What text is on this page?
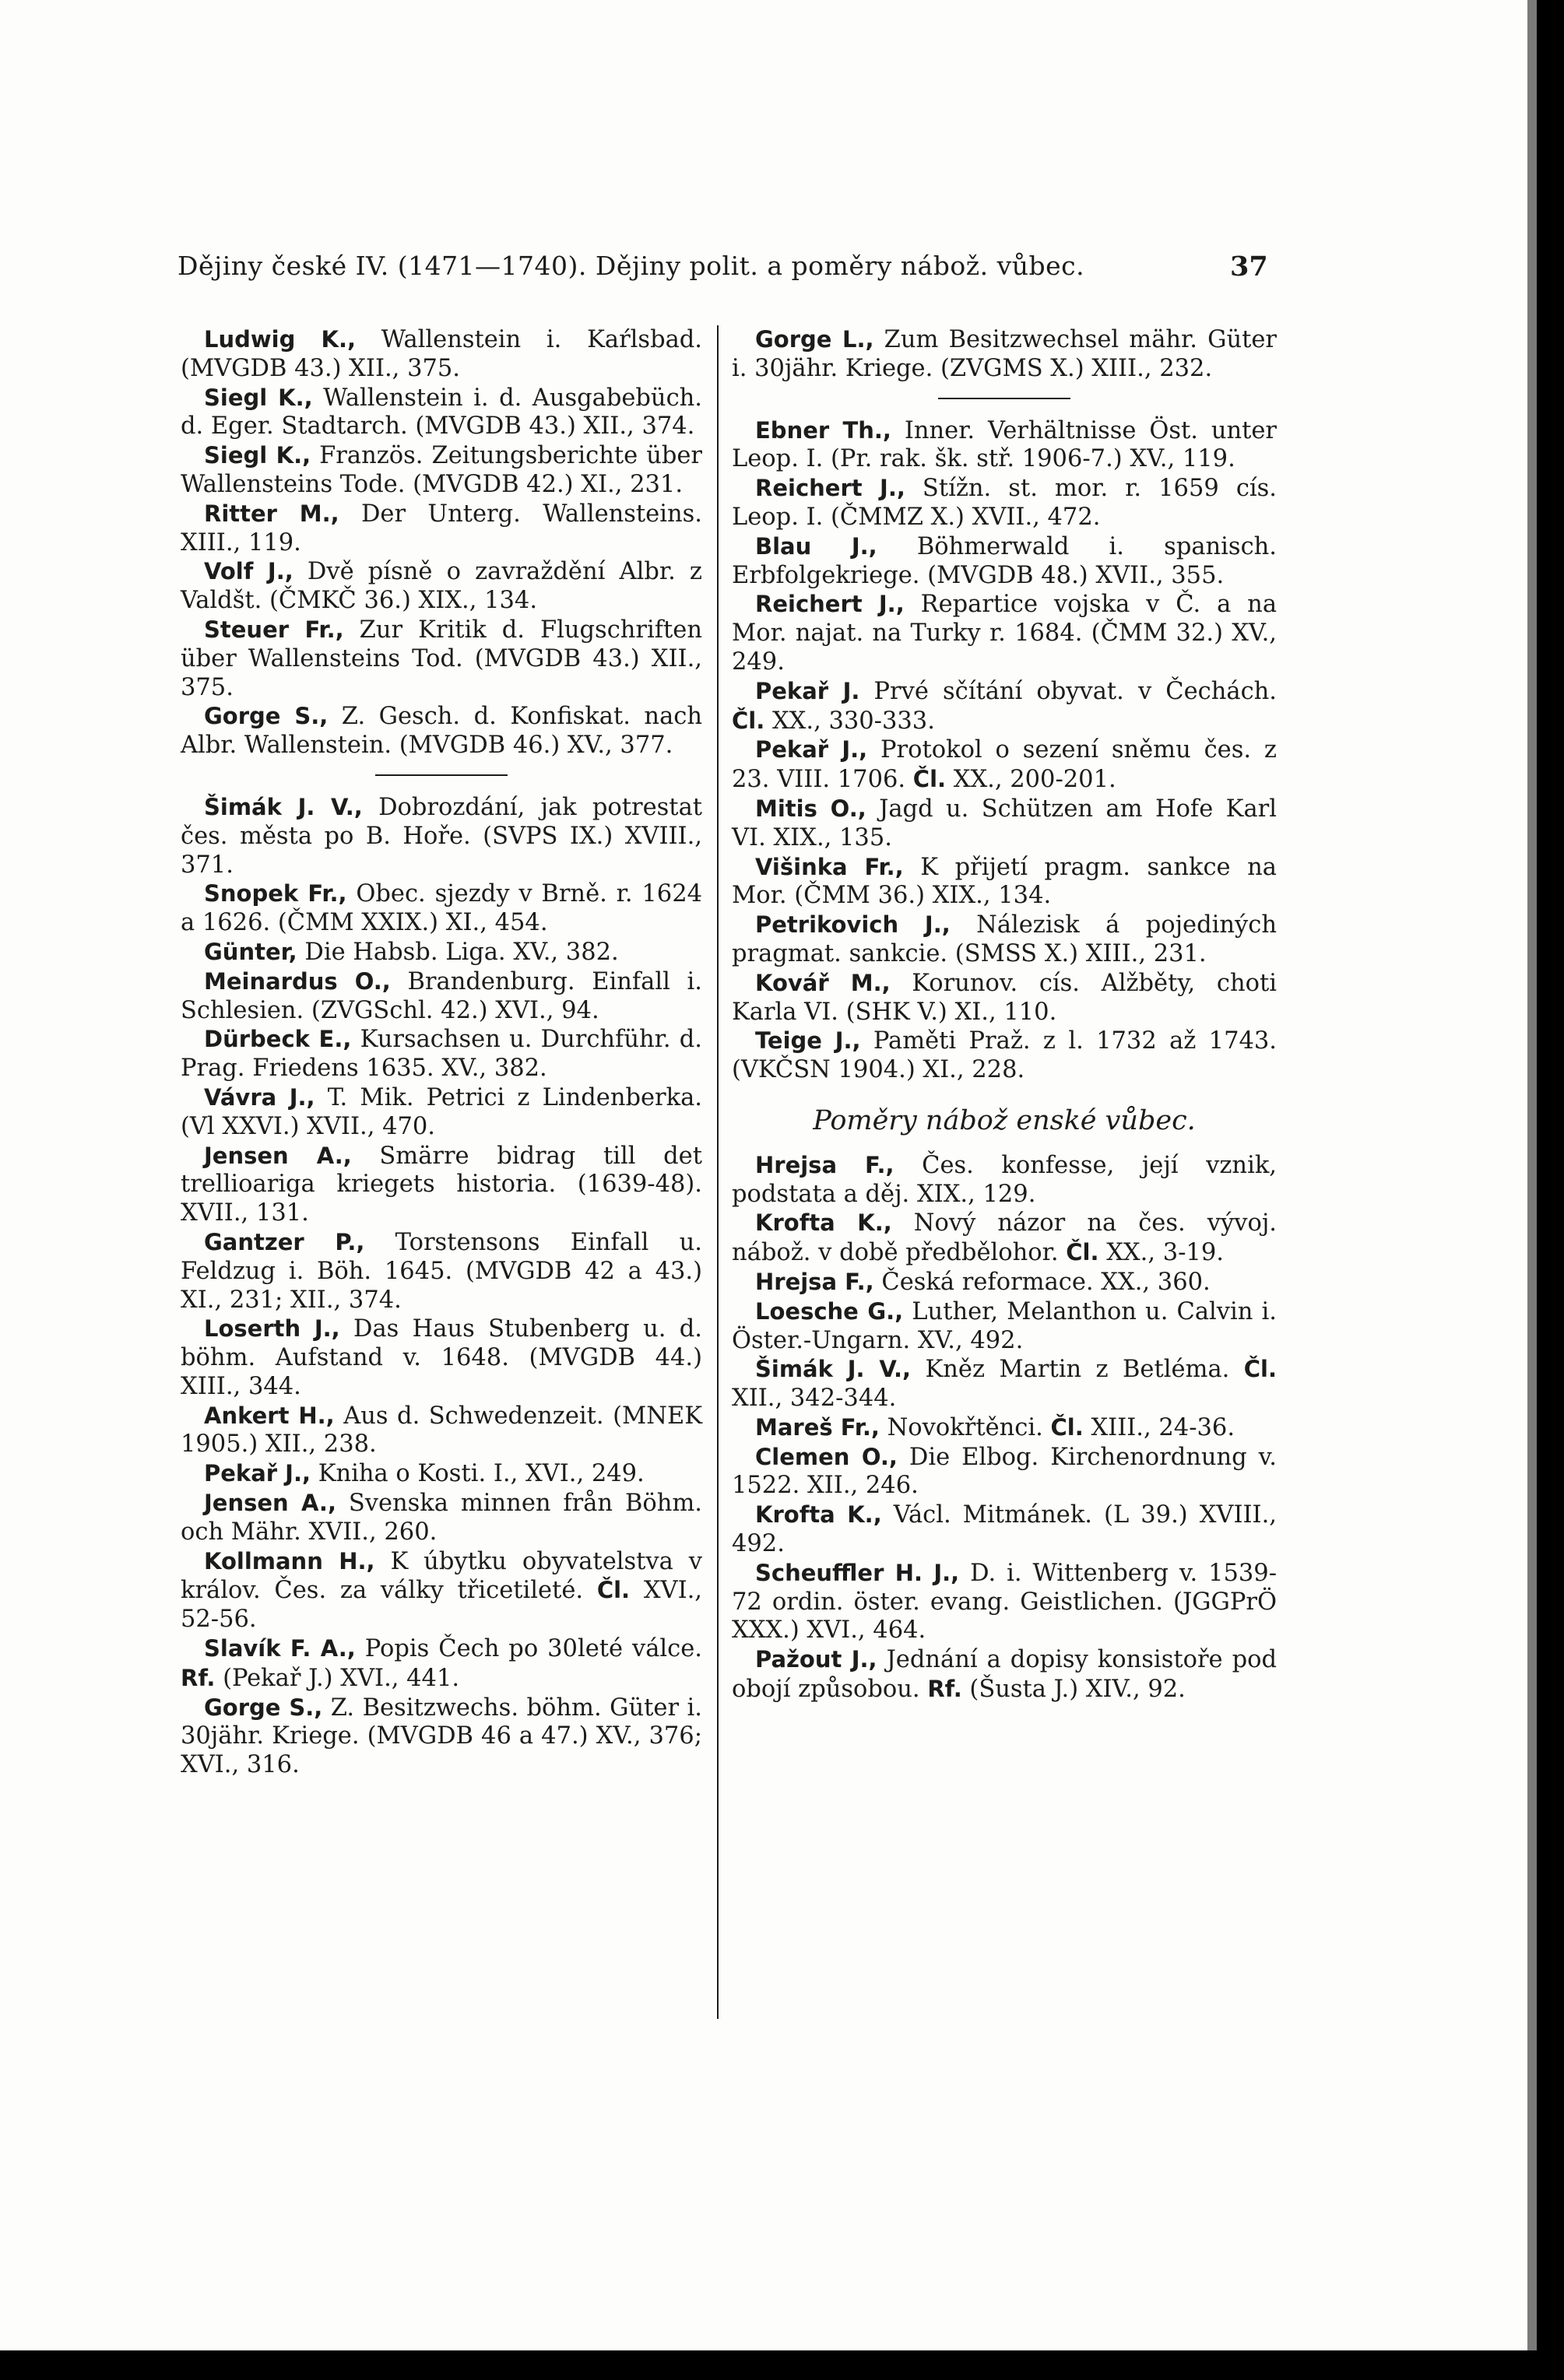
Dějiny české IV. (1471—1740). Dějiny polit. a poměry nábož. vůbec.	37
Ludwig K., Wallenstein i. Kaŕlsbad. (MVGDB 43.) XII., 375.
Siegl K., Wallenstein i. d. Ausgabebüch. d. Eger. Stadtarch. (MVGDB 43.) XII., 374.
Siegl K., Französ. Zeitungsberichte über Wallensteins Tode. (MVGDB 42.) XI., 231.
Ritter M., Der Unterg. Wallensteins. XIII., 119.
Volf J., Dvě písně o zavraždění Albr. z Valdšt. (ČMKČ 36.) XIX., 134.
Steuer Fr., Zur Kritik d. Flugschriften über Wallensteins Tod. (MVGDB 43.) XII., 375.
Gorge S., Z. Gesch. d. Konfiskat. nach Albr. Wallenstein. (MVGDB 46.) XV., 377.
Šimák J. V., Dobrozdání, jak potrestat čes. města po B. Hoře. (SVPS IX.) XVIII., 371.
Snopek Fr., Obec. sjezdy v Brně. r. 1624 a 1626. (ČMM XXIX.) XI., 454.
Günter, Die Habsb. Liga. XV., 382.
Meinardus O., Brandenburg. Einfall i. Schlesien. (ZVGSchl. 42.) XVI., 94.
Dürbeck E., Kursachsen u. Durchführ. d. Prag. Friedens 1635. XV., 382.
Vávra J., T. Mik. Petrici z Lindenberka. (Vl XXVI.) XVII., 470.
Jensen A., Smärre bidrag till det trellioariga kriegets historia. (1639-48). XVII., 131.
Gantzer P., Torstensons Einfall u. Feldzug i. Böh. 1645. (MVGDB 42 a 43.) XI., 231; XII., 374.
Loserth J., Das Haus Stubenberg u. d. böhm. Aufstand v. 1648. (MVGDB 44.) XIII., 344.
Ankert H., Aus d. Schwedenzeit. (MNEK 1905.) XII., 238.
Pekař J., Kniha o Kosti. I., XVI., 249.
Jensen A., Svenska minnen från Böhm. och Mähr. XVII., 260.
Kollmann H., K úbytku obyvatelstva v králov. Čes. za války třicetileté. Čl. XVI., 52-56.
Slavík F. A., Popis Čech po 30leté válce. Rf. (Pekař J.) XVI., 441.
Gorge S., Z. Besitzwechs. böhm. Güter i. 30jähr. Kriege. (MVGDB 46 a 47.) XV., 376; XVI., 316.
Gorge L., Zum Besitzwechsel mähr. Güter i. 30jähr. Kriege. (ZVGMS X.) XIII., 232.
Ebner Th., Inner. Verhältnisse Öst. unter Leop. I. (Pr. rak. šk. stř. 1906-7.) XV., 119.
Reichert J., Stížn. st. mor. r. 1659 cís. Leop. I. (ČMMZ X.) XVII., 472.
Blau J., Böhmerwald i. spanisch. Erbfolgekriege. (MVGDB 48.) XVII., 355.
Reichert J., Repartice vojska v Č. a na Mor. najat. na Turky r. 1684. (ČMM 32.) XV., 249.
Pekař J. Prvé sčítání obyvat. v Čechách. Čl. XX., 330-333.
Pekař J., Protokol o sezení sněmu čes. z 23. VIII. 1706. Čl. XX., 200-201.
Mitis O., Jagd u. Schützen am Hofe Karl VI. XIX., 135.
Višinka Fr., K přijetí pragm. sankce na Mor. (ČMM 36.) XIX., 134.
Petrikovich J., Nálezisk á pojediných pragmat. sankcie. (SMSS X.) XIII., 231.
Kovář M., Korunov. cís. Alžběty, choti Karla VI. (SHK V.) XI., 110.
Teige J., Paměti Praž. z l. 1732 až 1743. (VKČSN 1904.) XI., 228.
Poměry nábož enské vůbec.
Hrejsa F., Čes. konfesse, její vznik, podstata a děj. XIX., 129.
Krofta K., Nový názor na čes. vývoj. nábož. v době předbělohor. Čl. XX., 3-19.
Hrejsa F., Česká reformace. XX., 360.
Loesche G., Luther, Melanthon u. Calvin i. Öster.-Ungarn. XV., 492.
Šimák J. V., Kněz Martin z Betléma. Čl. XII., 342-344.
Mareš Fr., Novokřtěnci. Čl. XIII., 24-36.
Clemen O., Die Elbog. Kirchenordnung v. 1522. XII., 246.
Krofta K., Václ. Mitmánek. (L 39.) XVIII., 492.
Scheuffler H. J., D. i. Wittenberg v. 1539-72 ordin. öster. evang. Geistlichen. (JGGPrÖ XXX.) XVI., 464.
Pažout J., Jednání a dopisy konsistoře pod obojí způsobou. Rf. (Šusta J.) XIV., 92.
